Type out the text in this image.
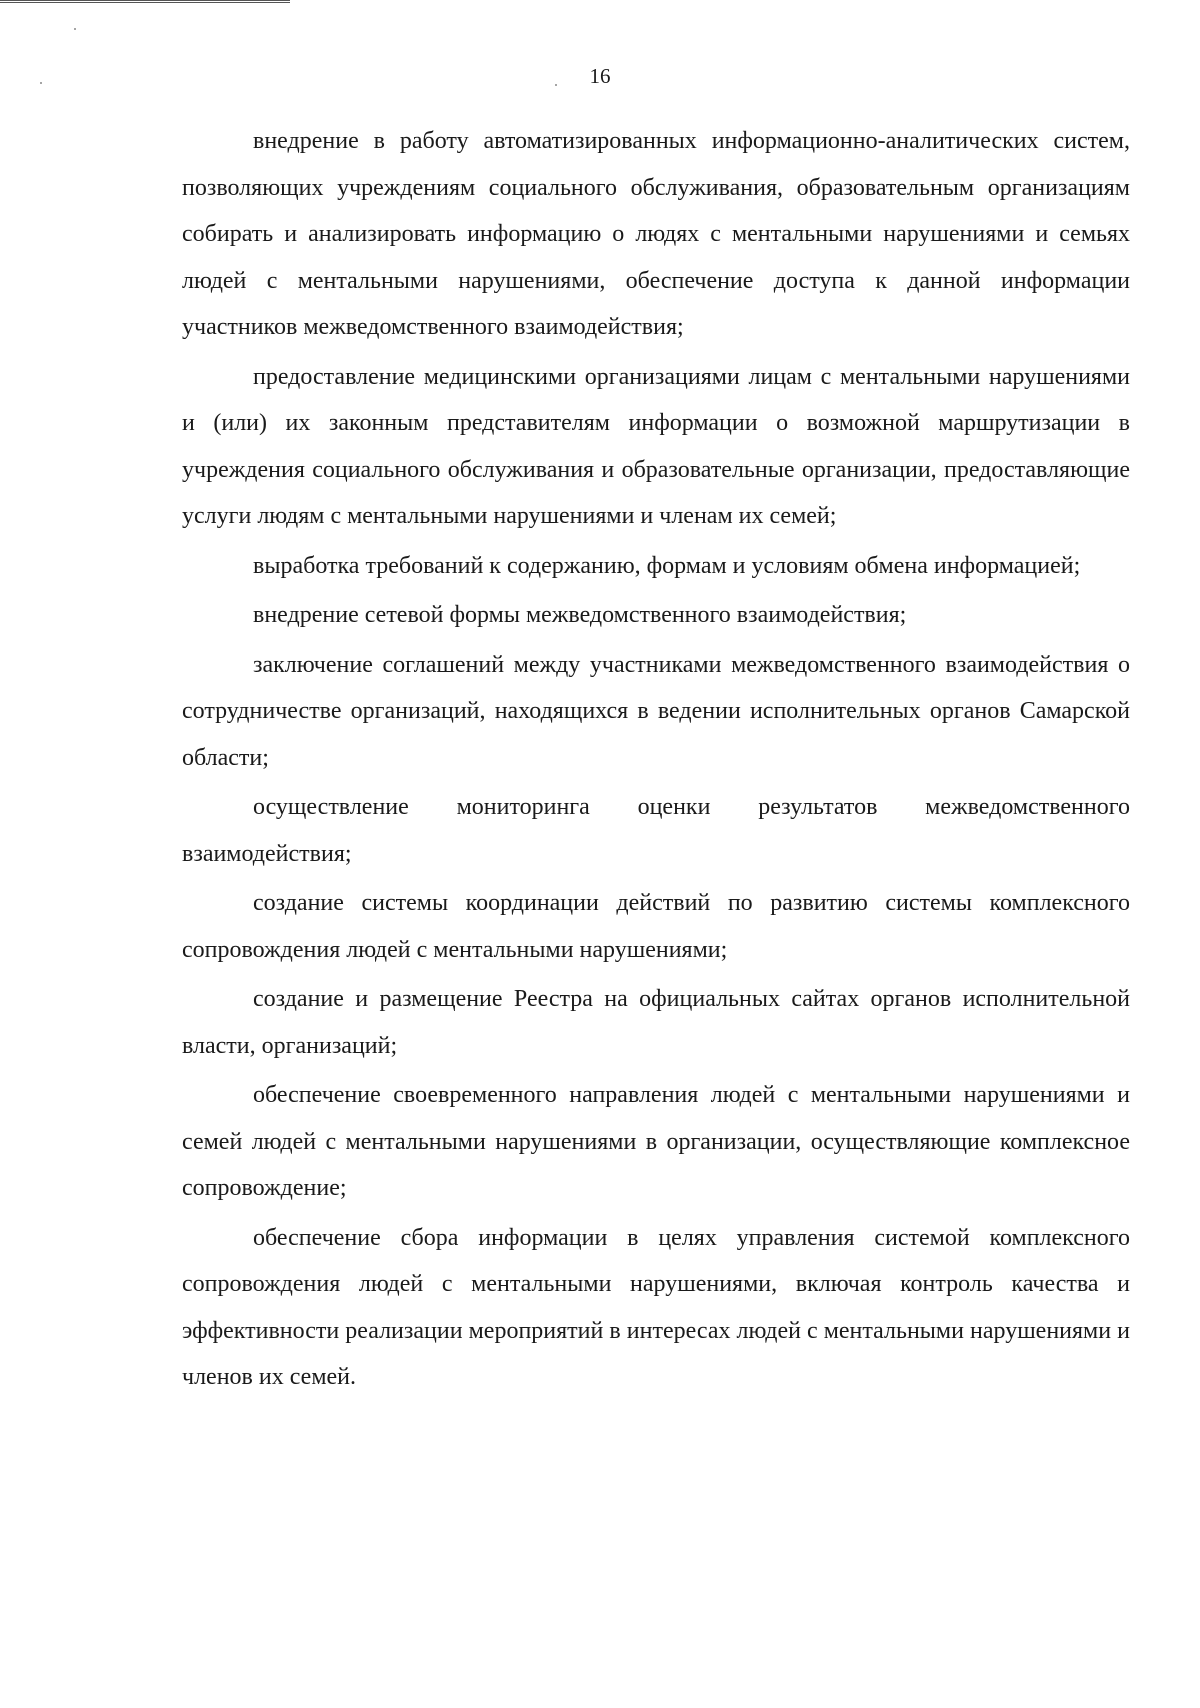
16

внедрение в работу автоматизированных информационно-аналитических систем, позволяющих учреждениям социального обслуживания, образовательным организациям собирать и анализировать информацию о людях с ментальными нарушениями и семьях людей с ментальными нарушениями, обеспечение доступа к данной информации участников межведомственного взаимодействия;

предоставление медицинскими организациями лицам с ментальными нарушениями и (или) их законным представителям информации о возможной маршрутизации в учреждения социального обслуживания и образовательные организации, предоставляющие услуги людям с ментальными нарушениями и членам их семей;

выработка требований к содержанию, формам и условиям обмена информацией;

внедрение сетевой формы межведомственного взаимодействия;

заключение соглашений между участниками межведомственного взаимодействия о сотрудничестве организаций, находящихся в ведении исполнительных органов Самарской области;

осуществление мониторинга оценки результатов межведомственного взаимодействия;

создание системы координации действий по развитию системы комплексного сопровождения людей с ментальными нарушениями;

создание и размещение Реестра на официальных сайтах органов исполнительной власти, организаций;

обеспечение своевременного направления людей с ментальными нарушениями и семей людей с ментальными нарушениями в организации, осуществляющие комплексное сопровождение;

обеспечение сбора информации в целях управления системой комплексного сопровождения людей с ментальными нарушениями, включая контроль качества и эффективности реализации мероприятий в интересах людей с ментальными нарушениями и членов их семей.
